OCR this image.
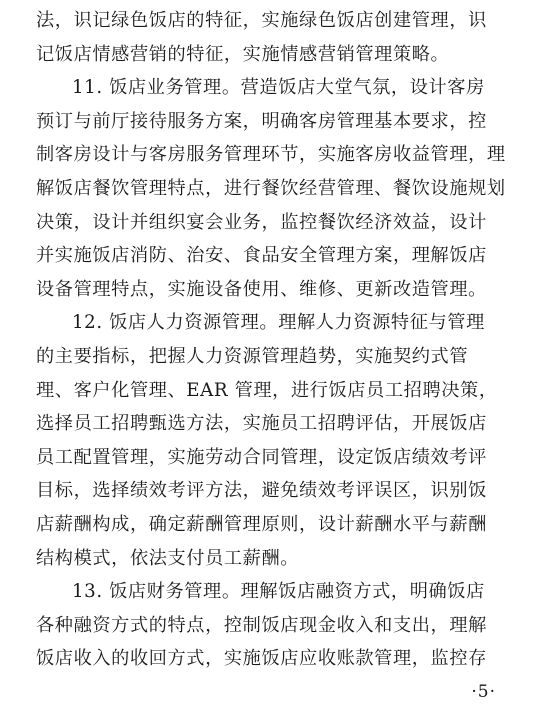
法，识记绿色饭店的特征，实施绿色饭店创建管理，识
记饭店情感营销的特征，实施情感营销管理策略。
11. 饭店业务管理。营造饭店大堂气氛，设计客房
预订与前厅接待服务方案，明确客房管理基本要求，控
制客房设计与客房服务管理环节，实施客房收益管理，理
解饭店餐饮管理特点，进行餐饮经营管理、餐饮设施规划
决策，设计并组织宴会业务，监控餐饮经济效益，设计
并实施饭店消防、治安、食品安全管理方案，理解饭店
设备管理特点，实施设备使用、维修、更新改造管理。
12. 饭店人力资源管理。理解人力资源特征与管理
的主要指标，把握人力资源管理趋势，实施契约式管
理、客户化管理、EAR 管理，进行饭店员工招聘决策，
选择员工招聘甄选方法，实施员工招聘评估，开展饭店
员工配置管理，实施劳动合同管理，设定饭店绩效考评
目标，选择绩效考评方法，避免绩效考评误区，识别饭
店薪酬构成，确定薪酬管理原则，设计薪酬水平与薪酬
结构模式，依法支付员工薪酬。
13. 饭店财务管理。理解饭店融资方式，明确饭店
各种融资方式的特点，控制饭店现金收入和支出，理解
饭店收入的收回方式，实施饭店应收账款管理，监控存
·5·
